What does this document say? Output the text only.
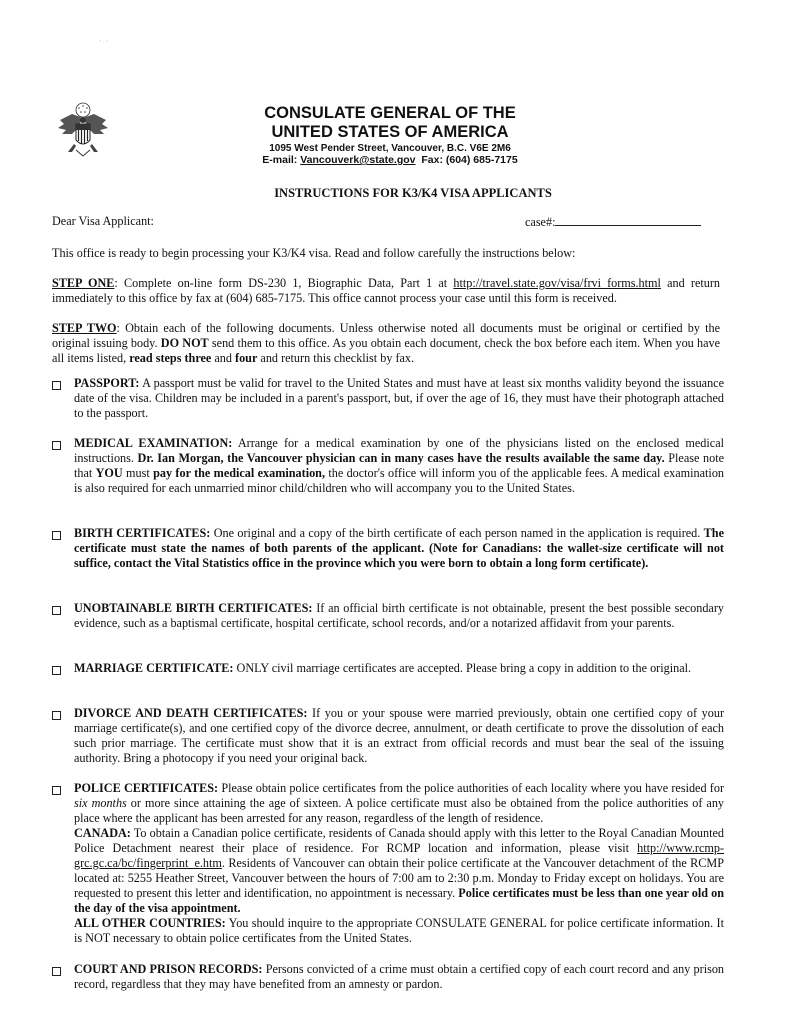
' · ‘
CONSULATE GENERAL OF THE
UNITED STATES OF AMERICA
1095 West Pender Street, Vancouver, B.C. V6E 2M6
E-mail: Vancouverk@state.gov Fax: (604) 685-7175
INSTRUCTIONS FOR K3/K4 VISA APPLICANTS
Dear Visa Applicant:	case#:
This office is ready to begin processing your K3/K4 visa. Read and follow carefully the instructions below:
STEP ONE: Complete on-line form DS-230 1, Biographic Data, Part 1 at http://travel.state.gov/visa/frvi_forms.html and return immediately to this office by fax at (604) 685-7175. This office cannot process your case until this form is received.
STEP TWO: Obtain each of the following documents. Unless otherwise noted all documents must be original or certified by the original issuing body. DO NOT send them to this office. As you obtain each document, check the box before each item. When you have all items listed, read steps three and four and return this checklist by fax.
PASSPORT: A passport must be valid for travel to the United States and must have at least six months validity beyond the issuance date of the visa. Children may be included in a parent's passport, but, if over the age of 16, they must have their photograph attached to the passport.
MEDICAL EXAMINATION: Arrange for a medical examination by one of the physicians listed on the enclosed medical instructions. Dr. Ian Morgan, the Vancouver physician can in many cases have the results available the same day. Please note that YOU must pay for the medical examination, the doctor's office will inform you of the applicable fees. A medical examination is also required for each unmarried minor child/children who will accompany you to the United States.
BIRTH CERTIFICATES: One original and a copy of the birth certificate of each person named in the application is required. The certificate must state the names of both parents of the applicant. (Note for Canadians: the wallet-size certificate will not suffice, contact the Vital Statistics office in the province which you were born to obtain a long form certificate).
UNOBTAINABLE BIRTH CERTIFICATES: If an official birth certificate is not obtainable, present the best possible secondary evidence, such as a baptismal certificate, hospital certificate, school records, and/or a notarized affidavit from your parents.
MARRIAGE CERTIFICATE: ONLY civil marriage certificates are accepted. Please bring a copy in addition to the original.
DIVORCE AND DEATH CERTIFICATES: If you or your spouse were married previously, obtain one certified copy of your marriage certificate(s), and one certified copy of the divorce decree, annulment, or death certificate to prove the dissolution of each such prior marriage. The certificate must show that it is an extract from official records and must bear the seal of the issuing authority. Bring a photocopy if you need your original back.
POLICE CERTIFICATES: Please obtain police certificates from the police authorities of each locality where you have resided for six months or more since attaining the age of sixteen. A police certificate must also be obtained from the police authorities of any place where the applicant has been arrested for any reason, regardless of the length of residence.
CANADA: To obtain a Canadian police certificate, residents of Canada should apply with this letter to the Royal Canadian Mounted Police Detachment nearest their place of residence. For RCMP location and information, please visit http://www.rcmp-grc.gc.ca/bc/fingerprint_e.htm. Residents of Vancouver can obtain their police certificate at the Vancouver detachment of the RCMP located at: 5255 Heather Street, Vancouver between the hours of 7:00 am to 2:30 p.m. Monday to Friday except on holidays. You are requested to present this letter and identification, no appointment is necessary. Police certificates must be less than one year old on the day of the visa appointment.
ALL OTHER COUNTRIES: You should inquire to the appropriate CONSULATE GENERAL for police certificate information. It is NOT necessary to obtain police certificates from the United States.
COURT AND PRISON RECORDS: Persons convicted of a crime must obtain a certified copy of each court record and any prison record, regardless that they may have benefited from an amnesty or pardon.
